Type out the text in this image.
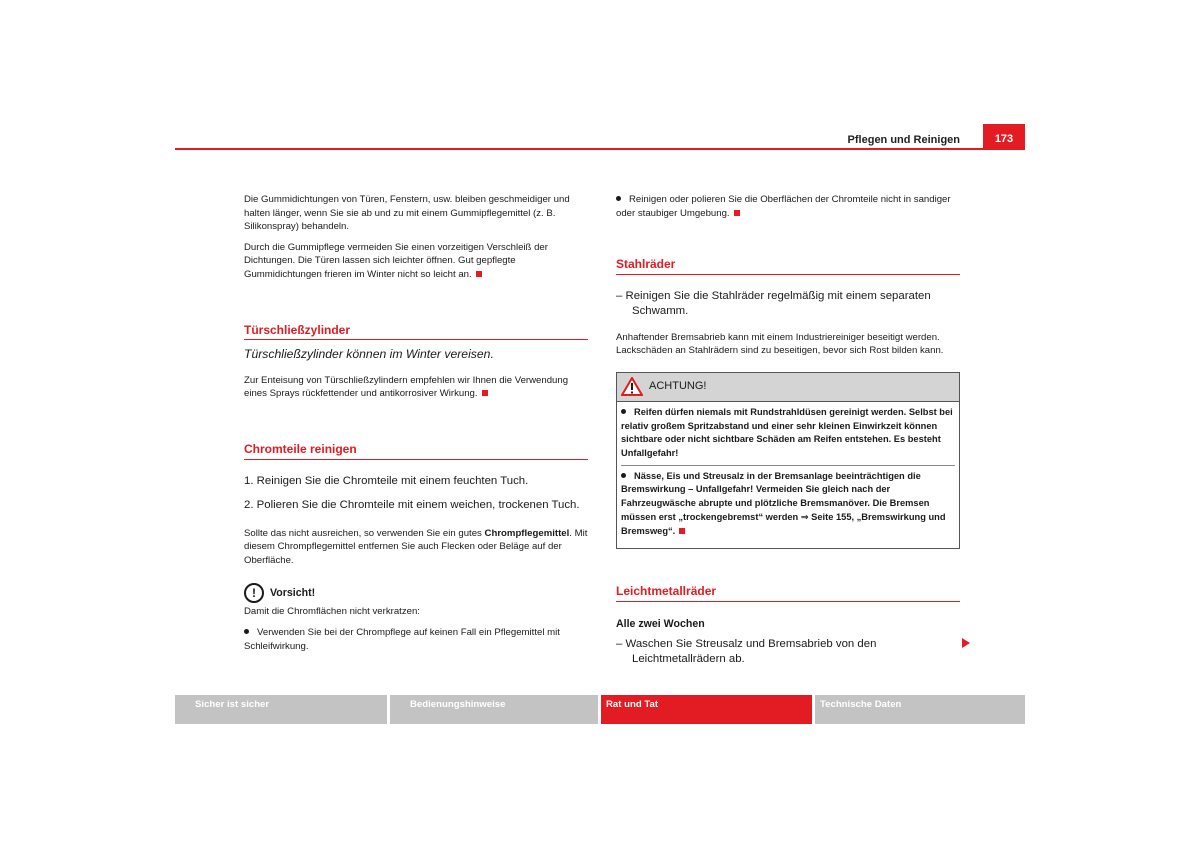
Pflegen und Reinigen	173

Die Gummidichtungen von Türen, Fenstern, usw. bleiben geschmeidiger und halten länger, wenn Sie sie ab und zu mit einem Gummipflegemittel (z. B. Silikonspray) behandeln.

Durch die Gummipflege vermeiden Sie einen vorzeitigen Verschleiß der Dichtungen. Die Türen lassen sich leichter öffnen. Gut gepflegte Gummidichtungen frieren im Winter nicht so leicht an.

Türschließzylinder
Türschließzylinder können im Winter vereisen.

Zur Enteisung von Türschließzylindern empfehlen wir Ihnen die Verwendung eines Sprays rückfettender und antikorrosiver Wirkung.

Chromteile reinigen
1. Reinigen Sie die Chromteile mit einem feuchten Tuch.
2. Polieren Sie die Chromteile mit einem weichen, trockenen Tuch.

Sollte das nicht ausreichen, so verwenden Sie ein gutes Chrompflegemittel. Mit diesem Chrompflegemittel entfernen Sie auch Flecken oder Beläge auf der Oberfläche.

!	Vorsicht!

Damit die Chromflächen nicht verkratzen:

Verwenden Sie bei der Chrompflege auf keinen Fall ein Pflegemittel mit Schleifwirkung.

Reinigen oder polieren Sie die Oberflächen der Chromteile nicht in sandiger oder staubiger Umgebung.

Stahlräder
– Reinigen Sie die Stahlräder regelmäßig mit einem separaten Schwamm.

Anhaftender Bremsabrieb kann mit einem Industriereiniger beseitigt werden. Lackschäden an Stahlrädern sind zu beseitigen, bevor sich Rost bilden kann.

ACHTUNG!

Reifen dürfen niemals mit Rundstrahldüsen gereinigt werden. Selbst bei relativ großem Spritzabstand und einer sehr kleinen Einwirkzeit können sichtbare oder nicht sichtbare Schäden am Reifen entstehen. Es besteht Unfallgefahr!

Nässe, Eis und Streusalz in der Bremsanlage beeinträchtigen die Bremswirkung – Unfallgefahr! Vermeiden Sie gleich nach der Fahrzeugwäsche abrupte und plötzliche Bremsmanöver. Die Bremsen müssen erst „trockengebremst“ werden ⇒ Seite 155, „Bremswirkung und Bremsweg“.

Leichtmetallräder
Alle zwei Wochen
– Waschen Sie Streusalz und Bremsabrieb von den Leichtmetallrädern ab.
Sicher ist sicher	Bedienungshinweise	Rat und Tat	Technische Daten
